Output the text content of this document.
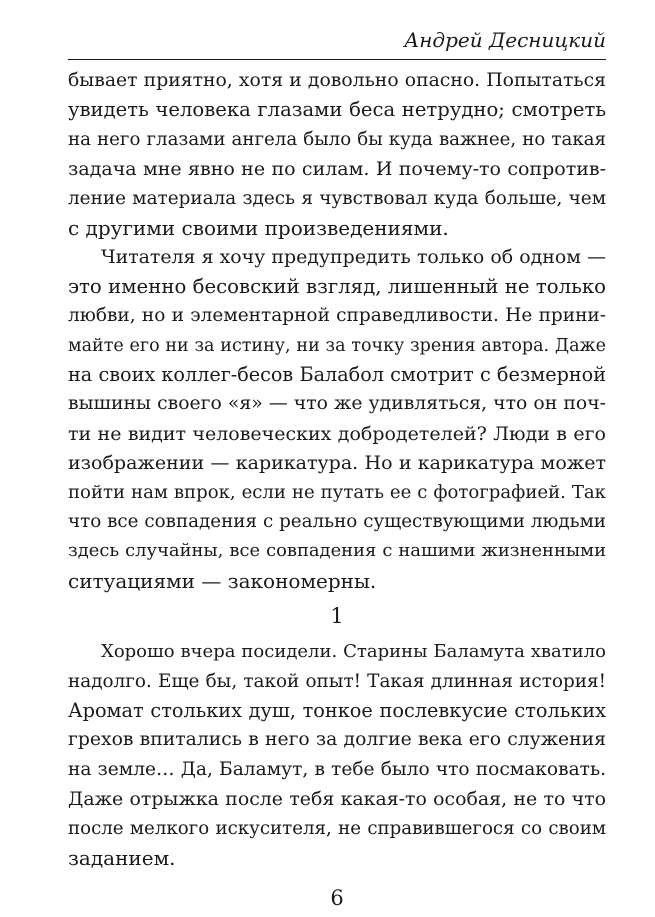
Андрей Десницкий
бывает приятно, хотя и довольно опасно. Попытаться
увидеть человека глазами беса нетрудно; смотреть
на него глазами ангела было бы куда важнее, но такая
задача мне явно не по силам. И почему-то сопротив-
ление материала здесь я чувствовал куда больше, чем
с другими своими произведениями.
Читателя я хочу предупредить только об одном —
это именно бесовский взгляд, лишенный не только
любви, но и элементарной справедливости. Не прини-
майте его ни за истину, ни за точку зрения автора. Даже
на своих коллег-бесов Балабол смотрит с безмерной
вышины своего «я» — что же удивляться, что он поч-
ти не видит человеческих добродетелей? Люди в его
изображении — карикатура. Но и карикатура может
пойти нам впрок, если не путать ее с фотографией. Так
что все совпадения с реально существующими людьми
здесь случайны, все совпадения с нашими жизненными
ситуациями — закономерны.
1
Хорошо вчера посидели. Старины Баламута хватило
надолго. Еще бы, такой опыт! Такая длинная история!
Аромат стольких душ, тонкое послевкусие стольких
грехов впитались в него за долгие века его служения
на земле… Да, Баламут, в тебе было что посмаковать.
Даже отрыжка после тебя какая-то особая, не то что
после мелкого искусителя, не справившегося со своим
заданием.
6
